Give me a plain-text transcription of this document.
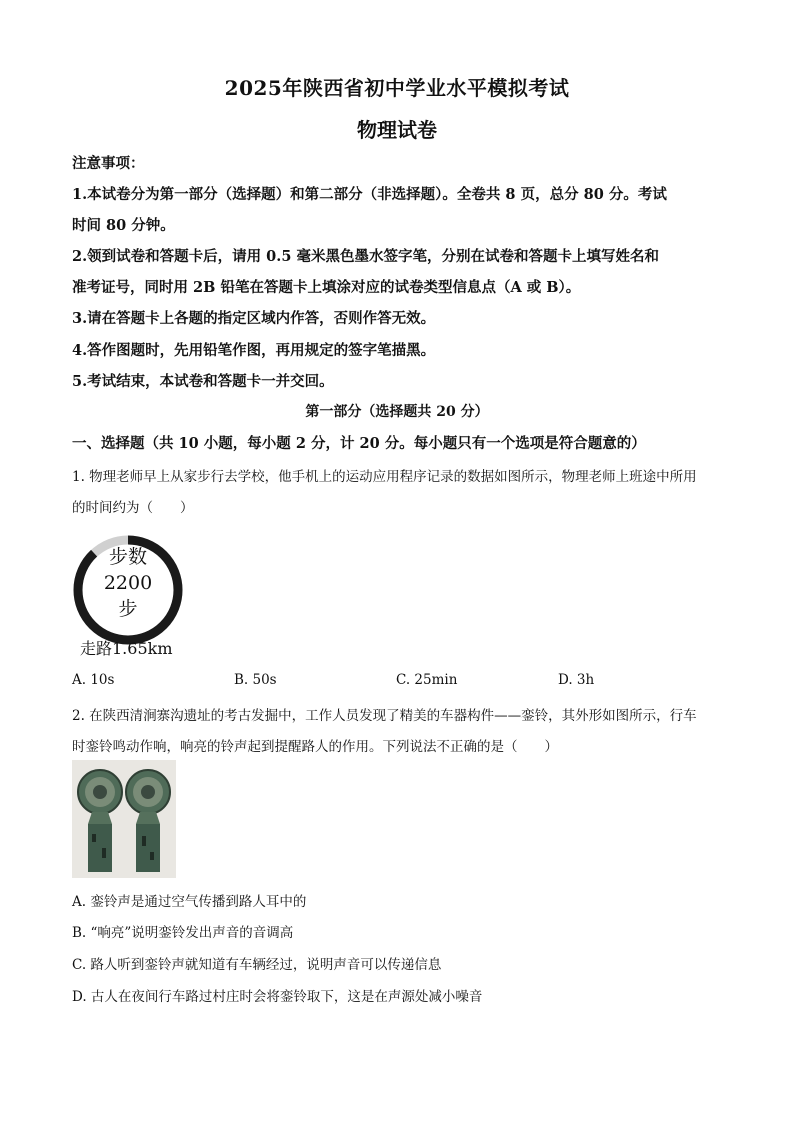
2025年陕西省初中学业水平模拟考试
物理试卷
注意事项：
1.本试卷分为第一部分（选择题）和第二部分（非选择题）。全卷共 8 页，总分 80 分。考试
时间 80 分钟。
2.领到试卷和答题卡后，请用 0.5 毫米黑色墨水签字笔，分别在试卷和答题卡上填写姓名和
准考证号，同时用 2B 铅笔在答题卡上填涂对应的试卷类型信息点（A 或 B）。
3.请在答题卡上各题的指定区域内作答，否则作答无效。
4.答作图题时，先用铅笔作图，再用规定的签字笔描黑。
5.考试结束，本试卷和答题卡一并交回。
第一部分（选择题共 20 分）
一、选择题（共 10 小题，每小题 2 分，计 20 分。每小题只有一个选项是符合题意的）
1. 物理老师早上从家步行去学校，他手机上的运动应用程序记录的数据如图所示，物理老师上班途中所用
的时间约为（　　）
步数
2200
步
走路1.65km
A. 10s	B. 50s	C. 25min	D. 3h
2. 在陕西清涧寨沟遗址的考古发掘中，工作人员发现了精美的车器构件——銮铃，其外形如图所示，行车
时銮铃鸣动作响，响亮的铃声起到提醒路人的作用。下列说法不正确的是（　　）
A. 銮铃声是通过空气传播到路人耳中的
B. “响亮”说明銮铃发出声音的音调高
C. 路人听到銮铃声就知道有车辆经过，说明声音可以传递信息
D. 古人在夜间行车路过村庄时会将銮铃取下，这是在声源处减小噪音
